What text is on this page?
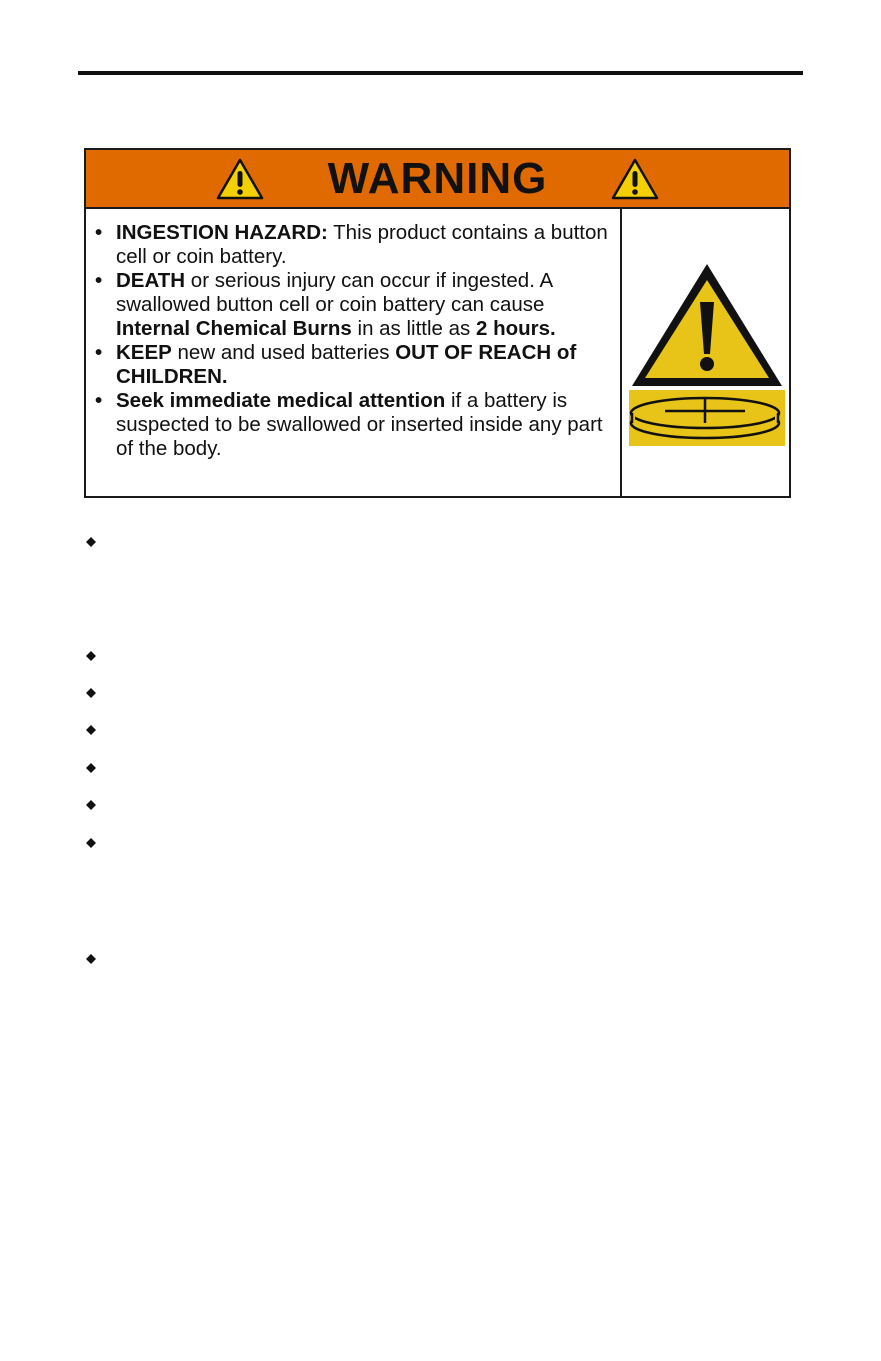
WARNING
• INGESTION HAZARD: This product contains a button cell or coin battery.
• DEATH or serious injury can occur if ingested. A swallowed button cell or coin battery can cause Internal Chemical Burns in as little as 2 hours.
• KEEP new and used batteries OUT OF REACH of CHILDREN.
• Seek immediate medical attention if a battery is suspected to be swallowed or inserted inside any part of the body.
